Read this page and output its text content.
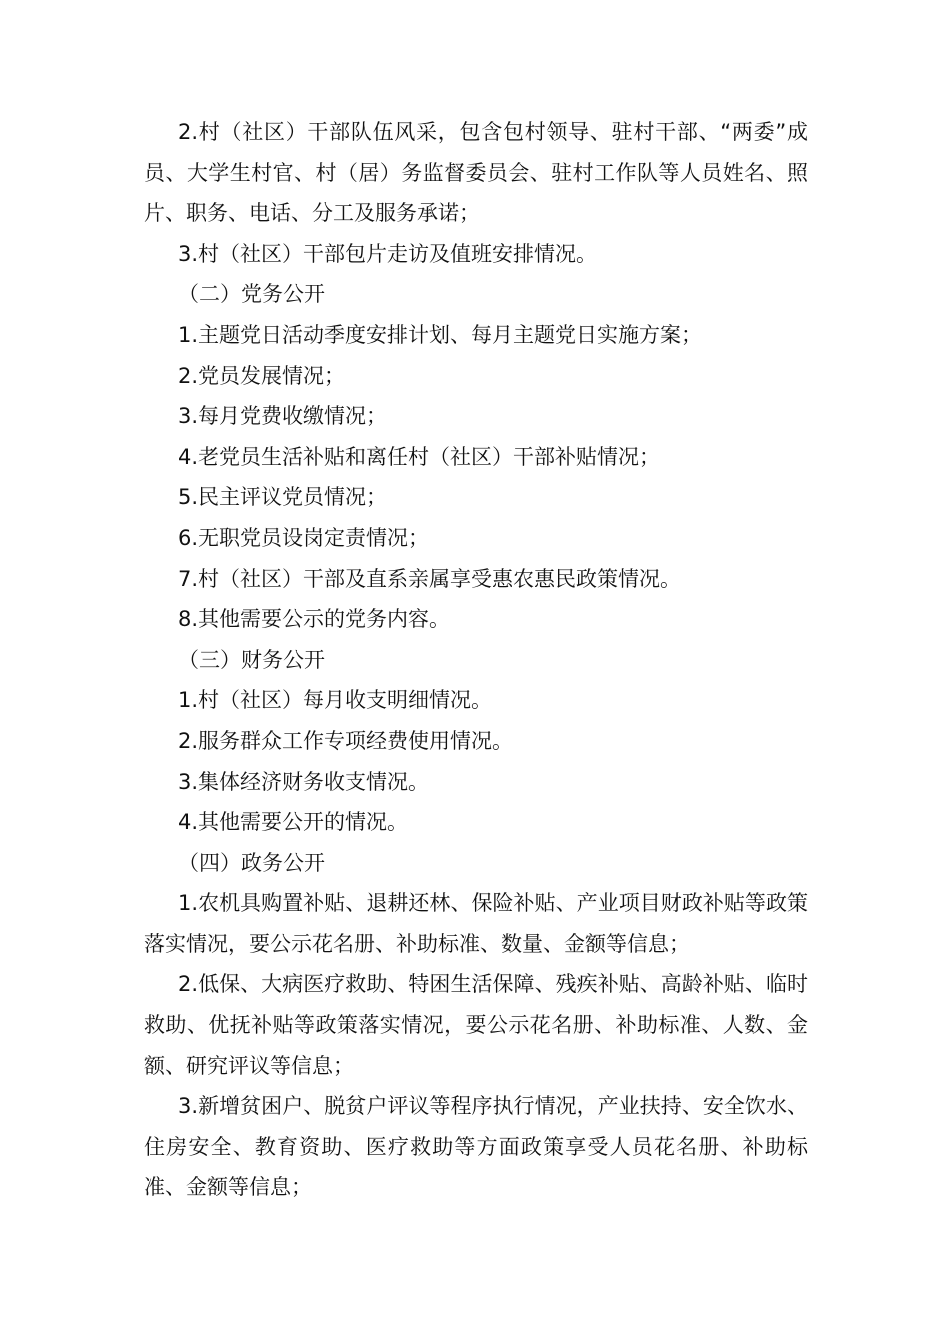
2.村（社区）干部队伍风采，包含包村领导、驻村干部、“两委”成员、大学生村官、村（居）务监督委员会、驻村工作队等人员姓名、照片、职务、电话、分工及服务承诺；

3.村（社区）干部包片走访及值班安排情况。

（二）党务公开

1.主题党日活动季度安排计划、每月主题党日实施方案；

2.党员发展情况；

3.每月党费收缴情况；

4.老党员生活补贴和离任村（社区）干部补贴情况；

5.民主评议党员情况；

6.无职党员设岗定责情况；

7.村（社区）干部及直系亲属享受惠农惠民政策情况。

8.其他需要公示的党务内容。

（三）财务公开

1.村（社区）每月收支明细情况。

2.服务群众工作专项经费使用情况。

3.集体经济财务收支情况。

4.其他需要公开的情况。

（四）政务公开

1.农机具购置补贴、退耕还林、保险补贴、产业项目财政补贴等政策落实情况，要公示花名册、补助标准、数量、金额等信息；

2.低保、大病医疗救助、特困生活保障、残疾补贴、高龄补贴、临时救助、优抚补贴等政策落实情况，要公示花名册、补助标准、人数、金额、研究评议等信息；

3.新增贫困户、脱贫户评议等程序执行情况，产业扶持、安全饮水、住房安全、教育资助、医疗救助等方面政策享受人员花名册、补助标准、金额等信息；
